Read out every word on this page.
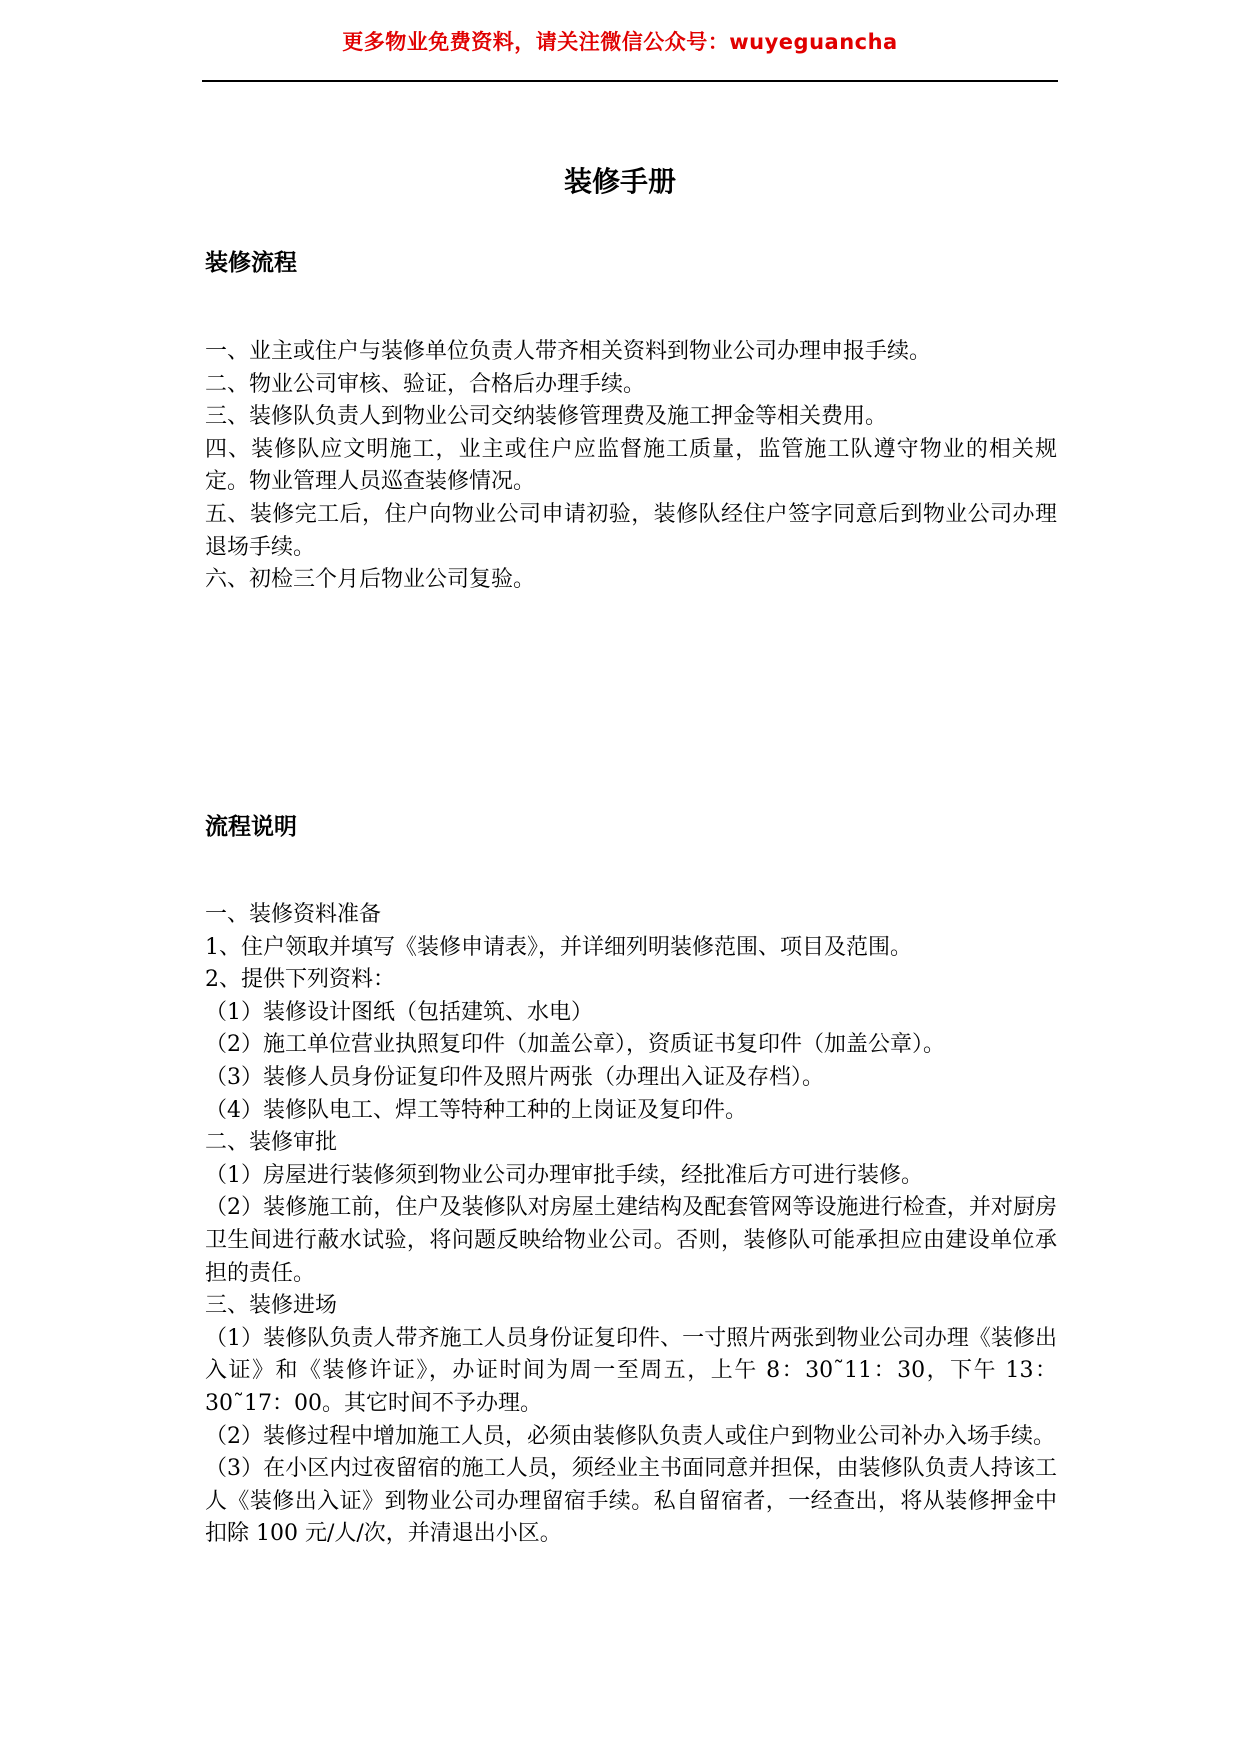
更多物业免费资料，请关注微信公众号：wuyeguancha
装修手册
装修流程

一、业主或住户与装修单位负责人带齐相关资料到物业公司办理申报手续。

二、物业公司审核、验证，合格后办理手续。

三、装修队负责人到物业公司交纳装修管理费及施工押金等相关费用。

四、装修队应文明施工，业主或住户应监督施工质量，监管施工队遵守物业的相关规定。物业管理人员巡查装修情况。

五、装修完工后，住户向物业公司申请初验，装修队经住户签字同意后到物业公司办理退场手续。

六、初检三个月后物业公司复验。

流程说明

一、装修资料准备

1、住户领取并填写《装修申请表》，并详细列明装修范围、项目及范围。

2、提供下列资料：

（1）装修设计图纸（包括建筑、水电）

（2）施工单位营业执照复印件（加盖公章），资质证书复印件（加盖公章）。

（3）装修人员身份证复印件及照片两张（办理出入证及存档）。

（4）装修队电工、焊工等特种工种的上岗证及复印件。

二、装修审批

（1）房屋进行装修须到物业公司办理审批手续，经批准后方可进行装修。

（2）装修施工前，住户及装修队对房屋土建结构及配套管网等设施进行检查，并对厨房卫生间进行蔽水试验，将问题反映给物业公司。否则，装修队可能承担应由建设单位承担的责任。

三、装修进场

（1）装修队负责人带齐施工人员身份证复印件、一寸照片两张到物业公司办理《装修出入证》和《装修许证》，办证时间为周一至周五，上午 8：30˜11：30，下午 13：30˜17：00。其它时间不予办理。

（2）装修过程中增加施工人员，必须由装修队负责人或住户到物业公司补办入场手续。

（3）在小区内过夜留宿的施工人员，须经业主书面同意并担保，由装修队负责人持该工人《装修出入证》到物业公司办理留宿手续。私自留宿者，一经查出，将从装修押金中扣除 100 元/人/次，并清退出小区。
